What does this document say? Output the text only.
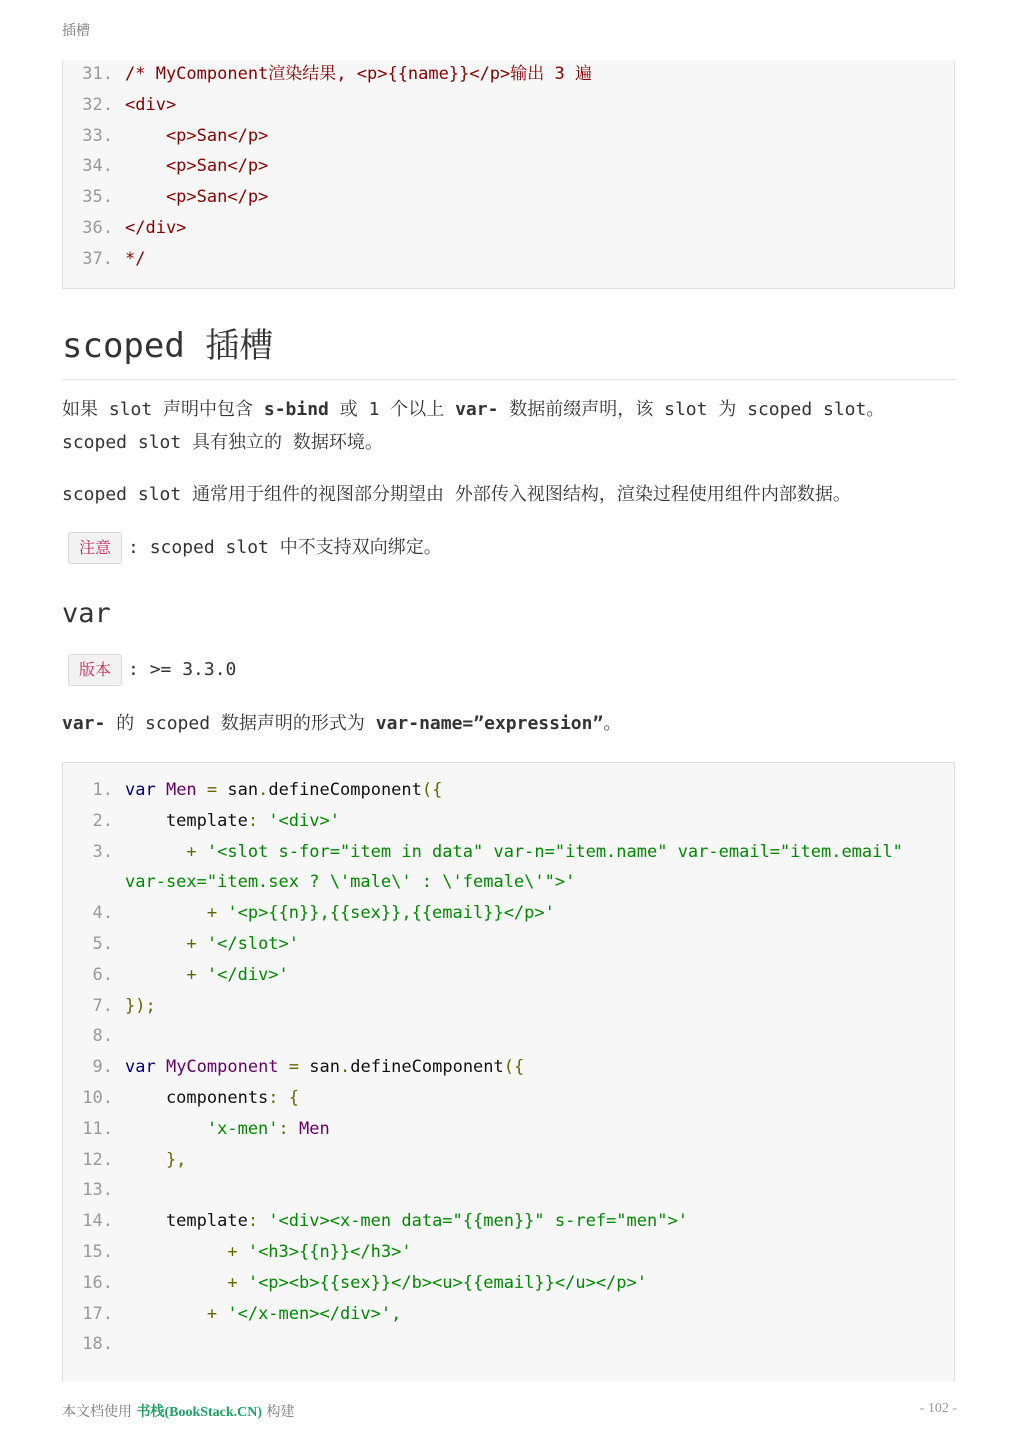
插槽
31. /* MyComponent渲染结果, <p>{{name}}</p>输出 3 遍
32. <div>
33. <p>San</p>
34. <p>San</p>
35. <p>San</p>
36. </div>
37. */
scoped 插槽

如果 slot 声明中包含 s-bind 或 1 个以上 var- 数据前缀声明，该 slot 为 scoped slot。scoped slot 具有独立的 数据环境。

scoped slot 通常用于组件的视图部分期望由 外部传入视图结构，渲染过程使用组件内部数据。

注意 : scoped slot 中不支持双向绑定。
var
版本 : >= 3.3.0

var- 的 scoped 数据声明的形式为 var-name=”expression”。

1. var Men = san.defineComponent({
2. template: '<div>'
3. + '<slot s-for="item in data" var-n="item.name" var-email="item.email"
var-sex="item.sex ? \'male\' : \'female\'">'
4. + '<p>{{n}},{{sex}},{{email}}</p>'
5. + '</slot>'
6. + '</div>'
7. });
8.
9. var MyComponent = san.defineComponent({
10. components: {
11. 'x-men': Men
12. },
13.
14. template: '<div><x-men data="{{men}}" s-ref="men">'
15. + '<h3>{{n}}</h3>'
16. + '<p><b>{{sex}}</b><u>{{email}}</u></p>'
17. + '</x-men></div>',
18.
本文档使用 书栈(BookStack.CN) 构建	- 102 -
